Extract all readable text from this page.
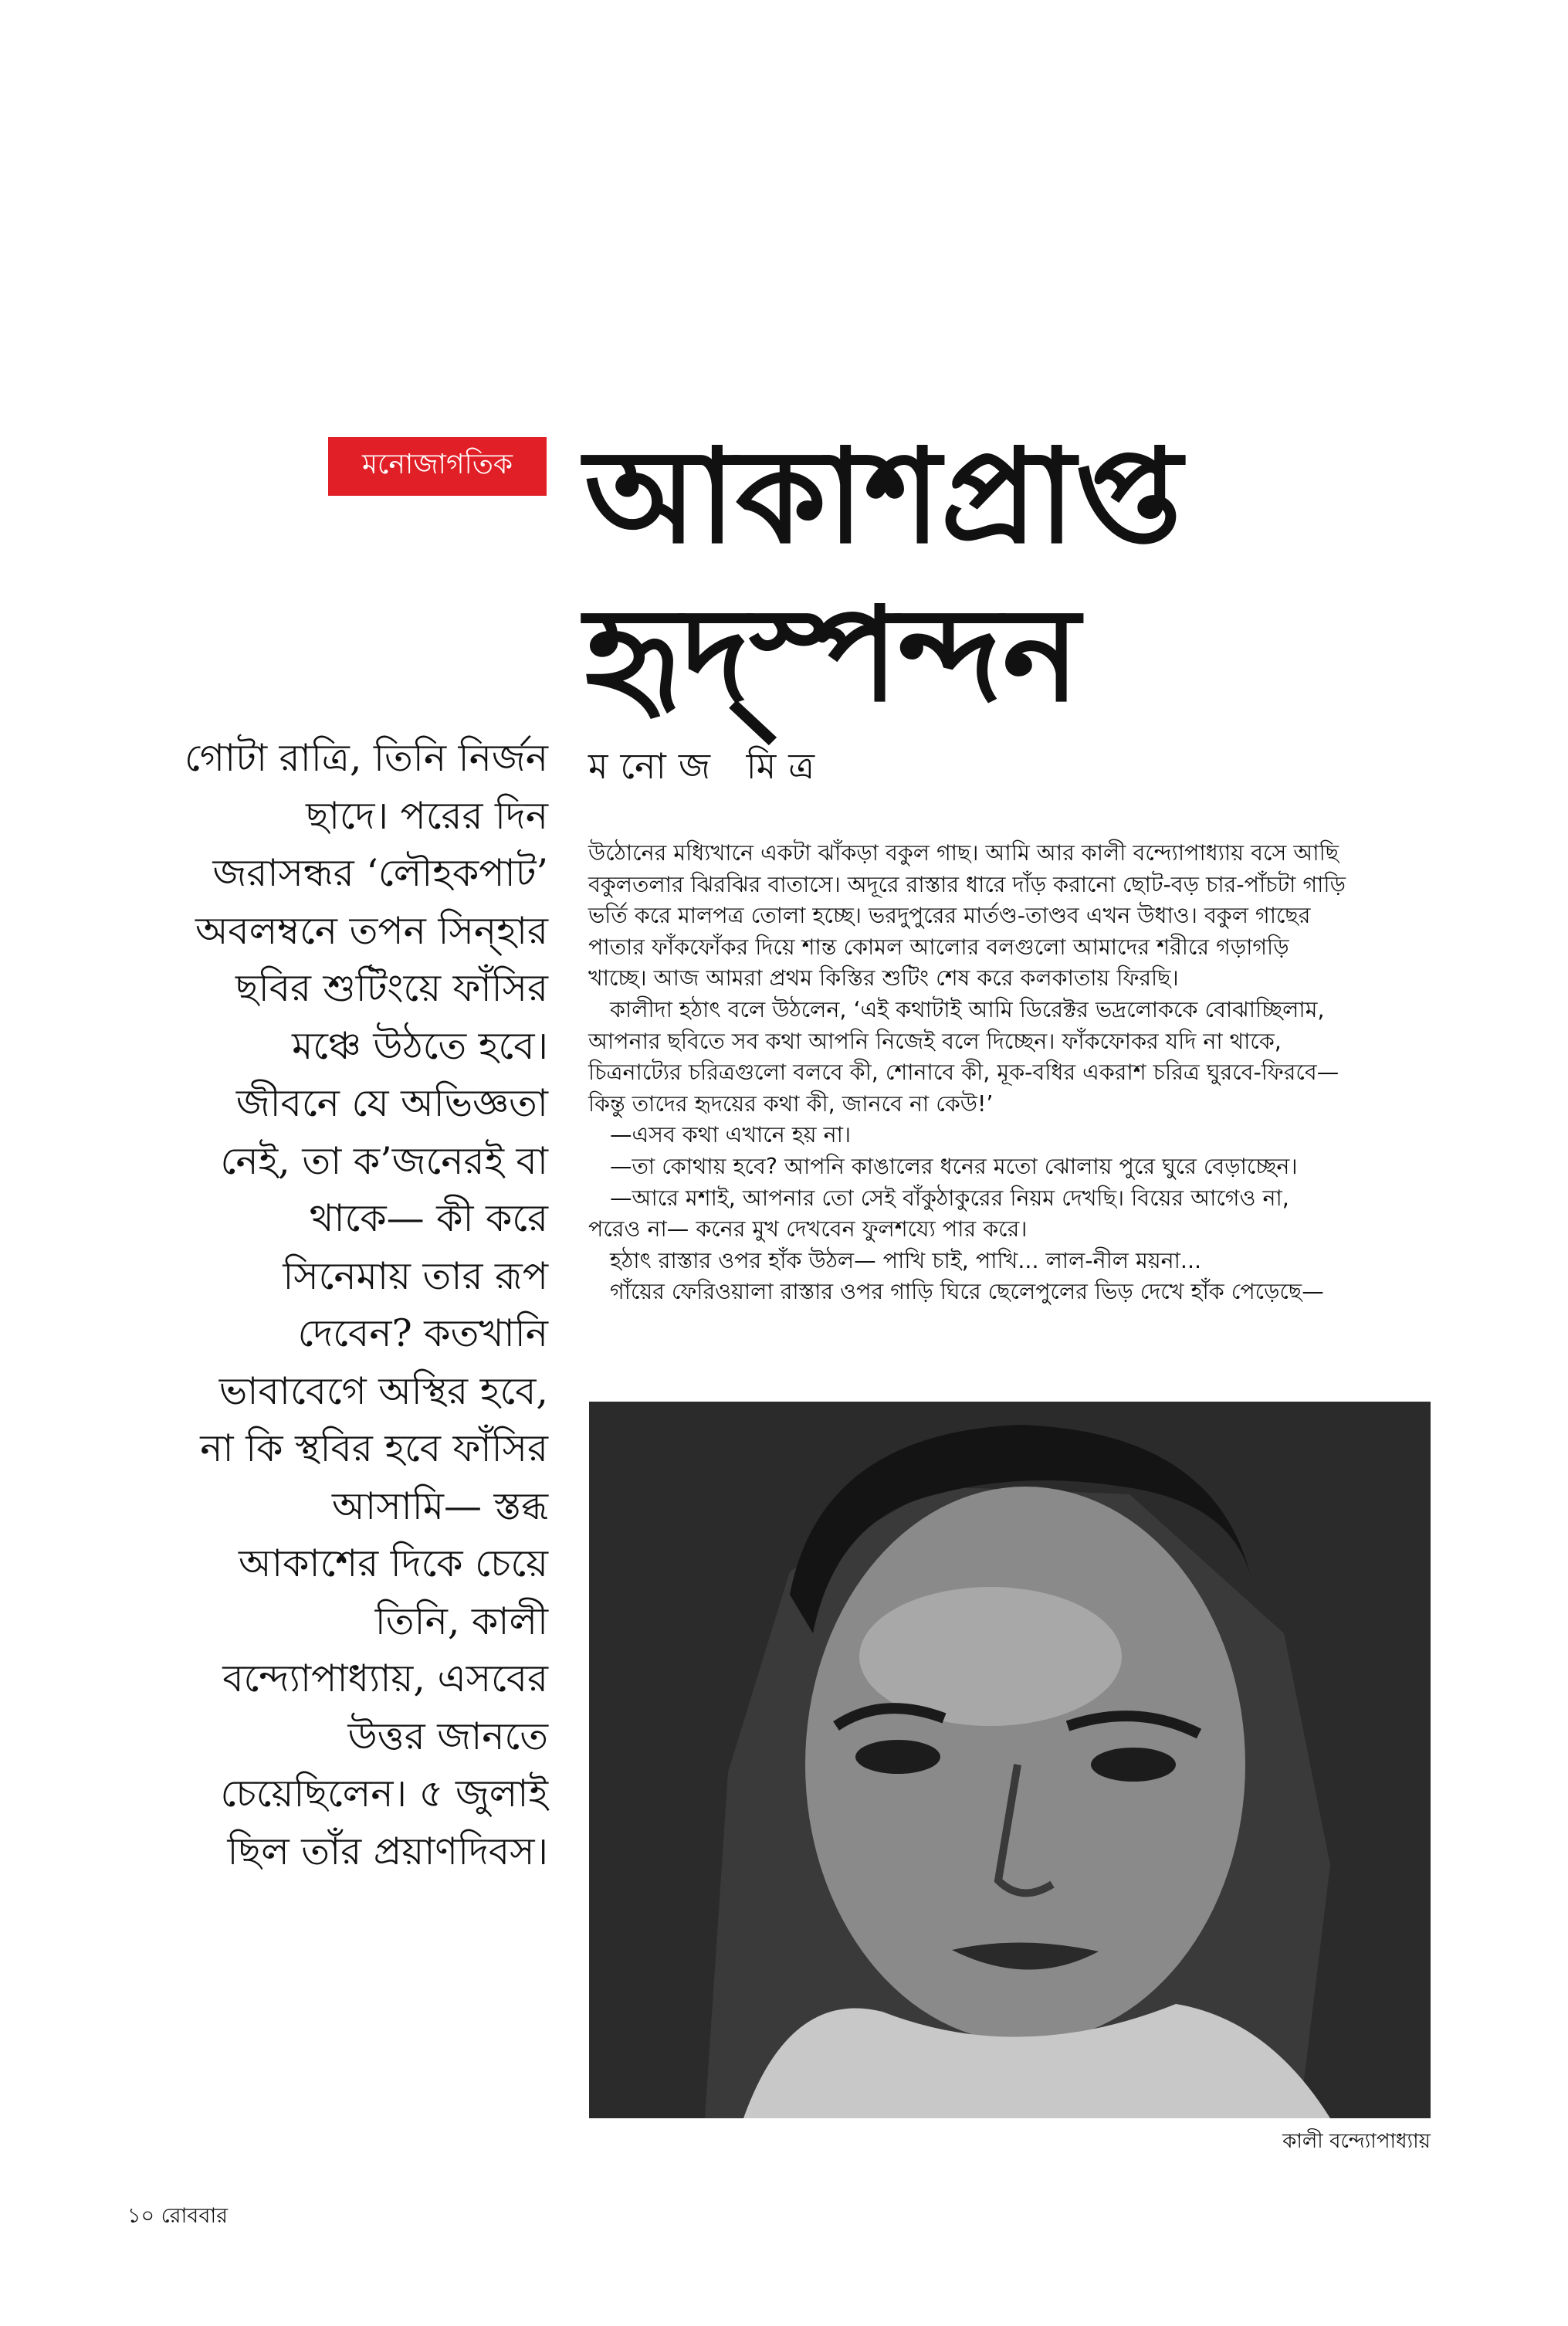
মনোজাগতিক আকাশপ্রাপ্ত
হৃদ্‌স্পন্দন
গোটা রাত্রি, তিনি নির্জন
ছাদে। পরের দিন
জরাসন্ধর ‘লৌহকপাট’
অবলম্বনে তপন সিন্‌হার
ছবির শুটিংয়ে ফাঁসির
মঞ্চে উঠতে হবে।
জীবনে যে অভিজ্ঞতা
নেই, তা ক’জনেরই বা
থাকে— কী করে
সিনেমায় তার রূপ
দেবেন? কতখানি
ভাবাবেগে অস্থির হবে,
না কি স্থবির হবে ফাঁসির
আসামি— স্তব্ধ
আকাশের দিকে চেয়ে
তিনি, কালী
বন্দ্যোপাধ্যায়, এসবের
উত্তর জানতে
চেয়েছিলেন। ৫ জুলাই
ছিল তাঁর প্রয়াণদিবস।
মনোজ মিত্র
উঠোনের মধ্যিখানে একটা ঝাঁকড়া বকুল গাছ। আমি আর কালী বন্দ্যোপাধ্যায় বসে আছি
বকুলতলার ঝিরঝির বাতাসে। অদূরে রাস্তার ধারে দাঁড় করানো ছোট-বড় চার-পাঁচটা গাড়ি
ভর্তি করে মালপত্র তোলা হচ্ছে। ভরদুপুরের মার্তণ্ড-তাণ্ডব এখন উধাও। বকুল গাছের
পাতার ফাঁকফোঁকর দিয়ে শান্ত কোমল আলোর বলগুলো আমাদের শরীরে গড়াগড়ি
খাচ্ছে। আজ আমরা প্রথম কিস্তির শুটিং শেষ করে কলকাতায় ফিরছি।
কালীদা হঠাৎ বলে উঠলেন, ‘এই কথাটাই আমি ডিরেক্টর ভদ্রলোককে বোঝাচ্ছিলাম,
আপনার ছবিতে সব কথা আপনি নিজেই বলে দিচ্ছেন। ফাঁকফোকর যদি না থাকে,
চিত্রনাট্যের চরিত্রগুলো বলবে কী, শোনাবে কী, মূক-বধির একরাশ চরিত্র ঘুরবে-ফিরবে—
কিন্তু তাদের হৃদয়ের কথা কী, জানবে না কেউ!’
—এসব কথা এখানে হয় না।
—তা কোথায় হবে? আপনি কাঙালের ধনের মতো ঝোলায় পুরে ঘুরে বেড়াচ্ছেন।
—আরে মশাই, আপনার তো সেই বাঁকুঠাকুরের নিয়ম দেখছি। বিয়ের আগেও না,
পরেও না— কনের মুখ দেখবেন ফুলশয্যে পার করে।
হঠাৎ রাস্তার ওপর হাঁক উঠল— পাখি চাই, পাখি... লাল-নীল ময়না...
গাঁয়ের ফেরিওয়ালা রাস্তার ওপর গাড়ি ঘিরে ছেলেপুলের ভিড় দেখে হাঁক পেড়েছে—
কালী বন্দ্যোপাধ্যায়
১০ রোববার
